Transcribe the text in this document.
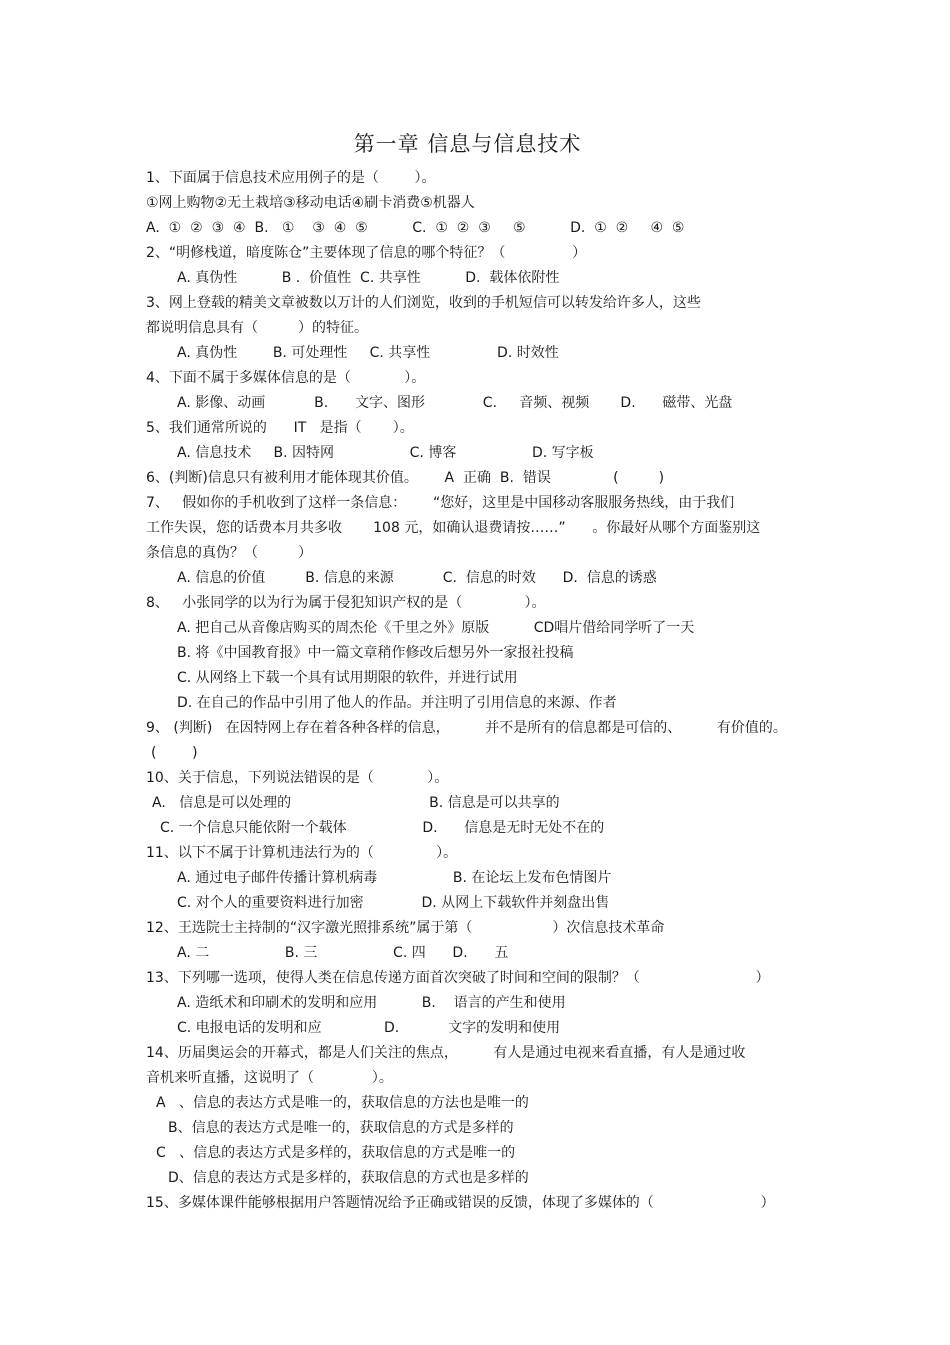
第一章 信息与信息技术
1、下面属于信息技术应用例子的是（        ）。
①网上购物②无土栽培③移动电话④刷卡消费⑤机器人
A.  ①  ②  ③  ④  B.   ①    ③  ④  ⑤          C.  ①  ②  ③     ⑤          D.  ①  ②     ④  ⑤
2、“明修栈道，暗度陈仓”主要体现了信息的哪个特征？（               ）
A. 真伪性          B .  价值性  C. 共享性          D.  载体依附性
3、网上登载的精美文章被数以万计的人们浏览，收到的手机短信可以转发给许多人，这些
都说明信息具有（         ）的特征。
A. 真伪性        B. 可处理性     C. 共享性               D. 时效性
4、下面不属于多媒体信息的是（            ）。
A. 影像、动画           B.      文字、图形             C.     音频、视频       D.      磁带、光盘
5、我们通常所说的      IT   是指（       ）。
A. 信息技术     B. 因特网                 C. 博客                 D. 写字板
6、(判断)信息只有被利用才能体现其价值。      A  正确  B.  错误              (         )
7、   假如你的手机收到了这样一条信息：      “您好，这里是中国移动客服服务热线，由于我们
工作失误，您的话费本月共多收       108 元，如确认退费请按……”      。你最好从哪个方面鉴别这
条信息的真伪？（         ）
A. 信息的价值         B. 信息的来源           C.  信息的时效      D.  信息的诱惑
8、   小张同学的以为行为属于侵犯知识产权的是（              ）。
A. 把自己从音像店购买的周杰伦《千里之外》原版          CD唱片借给同学听了一天
B. 将《中国教育报》中一篇文章稍作修改后想另外一家报社投稿
C. 从网络上下载一个具有试用期限的软件，并进行试用
D. 在自己的作品中引用了他人的作品。并注明了引用信息的来源、作者
9、 (判断)   在因特网上存在着各种各样的信息，        并不是所有的信息都是可信的、        有价值的。
(        )
10、关于信息，下列说法错误的是（            ）。
A.   信息是可以处理的                               B. 信息是可以共享的
C. 一个信息只能依附一个载体                 D.      信息是无时无处不在的
11、以下不属于计算机违法行为的（              ）。
A. 通过电子邮件传播计算机病毒                 B. 在论坛上发布色情图片
C. 对个人的重要资料进行加密             D. 从网上下载软件并刻盘出售
12、王选院士主持制的“汉字激光照排系统”属于第（                  ）次信息技术革命
A. 二                 B. 三                 C. 四      D.      五
13、下列哪一选项，使得人类在信息传递方面首次突破了时间和空间的限制？（                          ）
A. 造纸术和印刷术的发明和应用          B.    语言的产生和使用
C. 电报电话的发明和应              D.           文字的发明和使用
14、历届奥运会的开幕式，都是人们关注的焦点，        有人是通过电视来看直播，有人是通过收
音机来听直播，这说明了（             ）。
A   、信息的表达方式是唯一的，获取信息的方法也是唯一的
B、信息的表达方式是唯一的，获取信息的方式是多样的
C   、信息的表达方式是多样的，获取信息的方式是唯一的
D、信息的表达方式是多样的，获取信息的方式也是多样的
15、多媒体课件能够根据用户答题情况给予正确或错误的反馈，体现了多媒体的（                        ）
